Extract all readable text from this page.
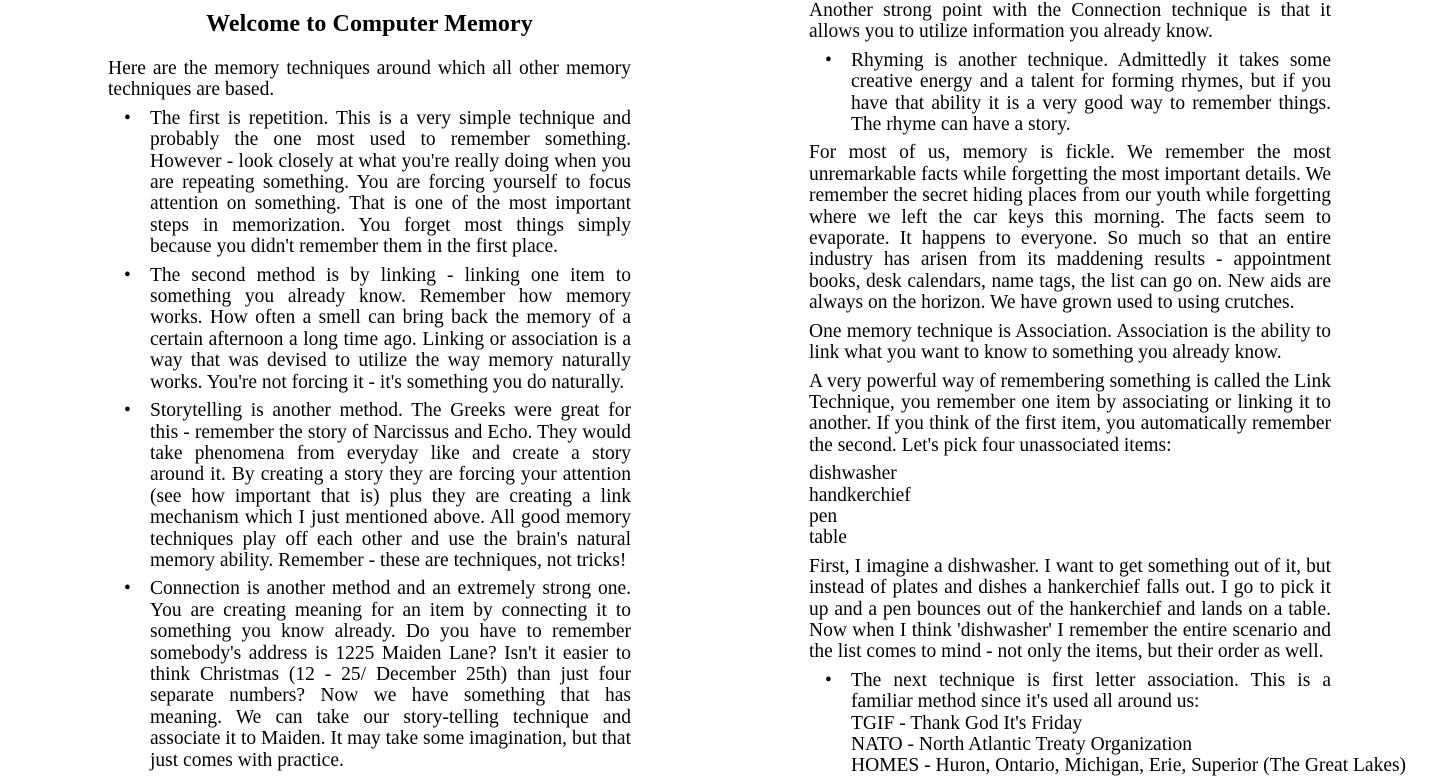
Welcome to Computer Memory

Here are the memory techniques around which all other memory techniques are based.

• The first is repetition. This is a very simple technique and probably the one most used to remember something. However - look closely at what you're really doing when you are repeating something. You are forcing yourself to focus attention on something. That is one of the most important steps in memorization. You forget most things simply because you didn't remember them in the first place.
• The second method is by linking - linking one item to something you already know. Remember how memory works. How often a smell can bring back the memory of a certain afternoon a long time ago. Linking or association is a way that was devised to utilize the way memory naturally works. You're not forcing it - it's something you do naturally.
• Storytelling is another method. The Greeks were great for this - remember the story of Narcissus and Echo. They would take phenomena from everyday like and create a story around it. By creating a story they are forcing your attention (see how important that is) plus they are creating a link mechanism which I just mentioned above. All good memory techniques play off each other and use the brain's natural memory ability. Remember - these are techniques, not tricks!
• Connection is another method and an extremely strong one. You are creating meaning for an item by connecting it to something you know already. Do you have to remember somebody's address is 1225 Maiden Lane? Isn't it easier to think Christmas (12 - 25/ December 25th) than just four separate numbers? Now we have something that has meaning. We can take our story-telling technique and associate it to Maiden. It may take some imagination, but that just comes with practice.

Another strong point with the Connection technique is that it allows you to utilize information you already know.

• Rhyming is another technique. Admittedly it takes some creative energy and a talent for forming rhymes, but if you have that ability it is a very good way to remember things. The rhyme can have a story.

For most of us, memory is fickle. We remember the most unremarkable facts while forgetting the most important details. We remember the secret hiding places from our youth while forgetting where we left the car keys this morning. The facts seem to evaporate. It happens to everyone. So much so that an entire industry has arisen from its maddening results - appointment books, desk calendars, name tags, the list can go on. New aids are always on the horizon. We have grown used to using crutches.

One memory technique is Association. Association is the ability to link what you want to know to something you already know.

A very powerful way of remembering something is called the Link Technique, you remember one item by associating or linking it to another. If you think of the first item, you automatically remember the second. Let's pick four unassociated items:

dishwasher
handkerchief
pen
table

First, I imagine a dishwasher. I want to get something out of it, but instead of plates and dishes a hankerchief falls out. I go to pick it up and a pen bounces out of the hankerchief and lands on a table. Now when I think 'dishwasher' I remember the entire scenario and the list comes to mind - not only the items, but their order as well.

• The next technique is first letter association. This is a familiar method since it's used all around us:
TGIF - Thank God It's Friday
NATO - North Atlantic Treaty Organization
HOMES - Huron, Ontario, Michigan, Erie, Superior (The Great Lakes)
